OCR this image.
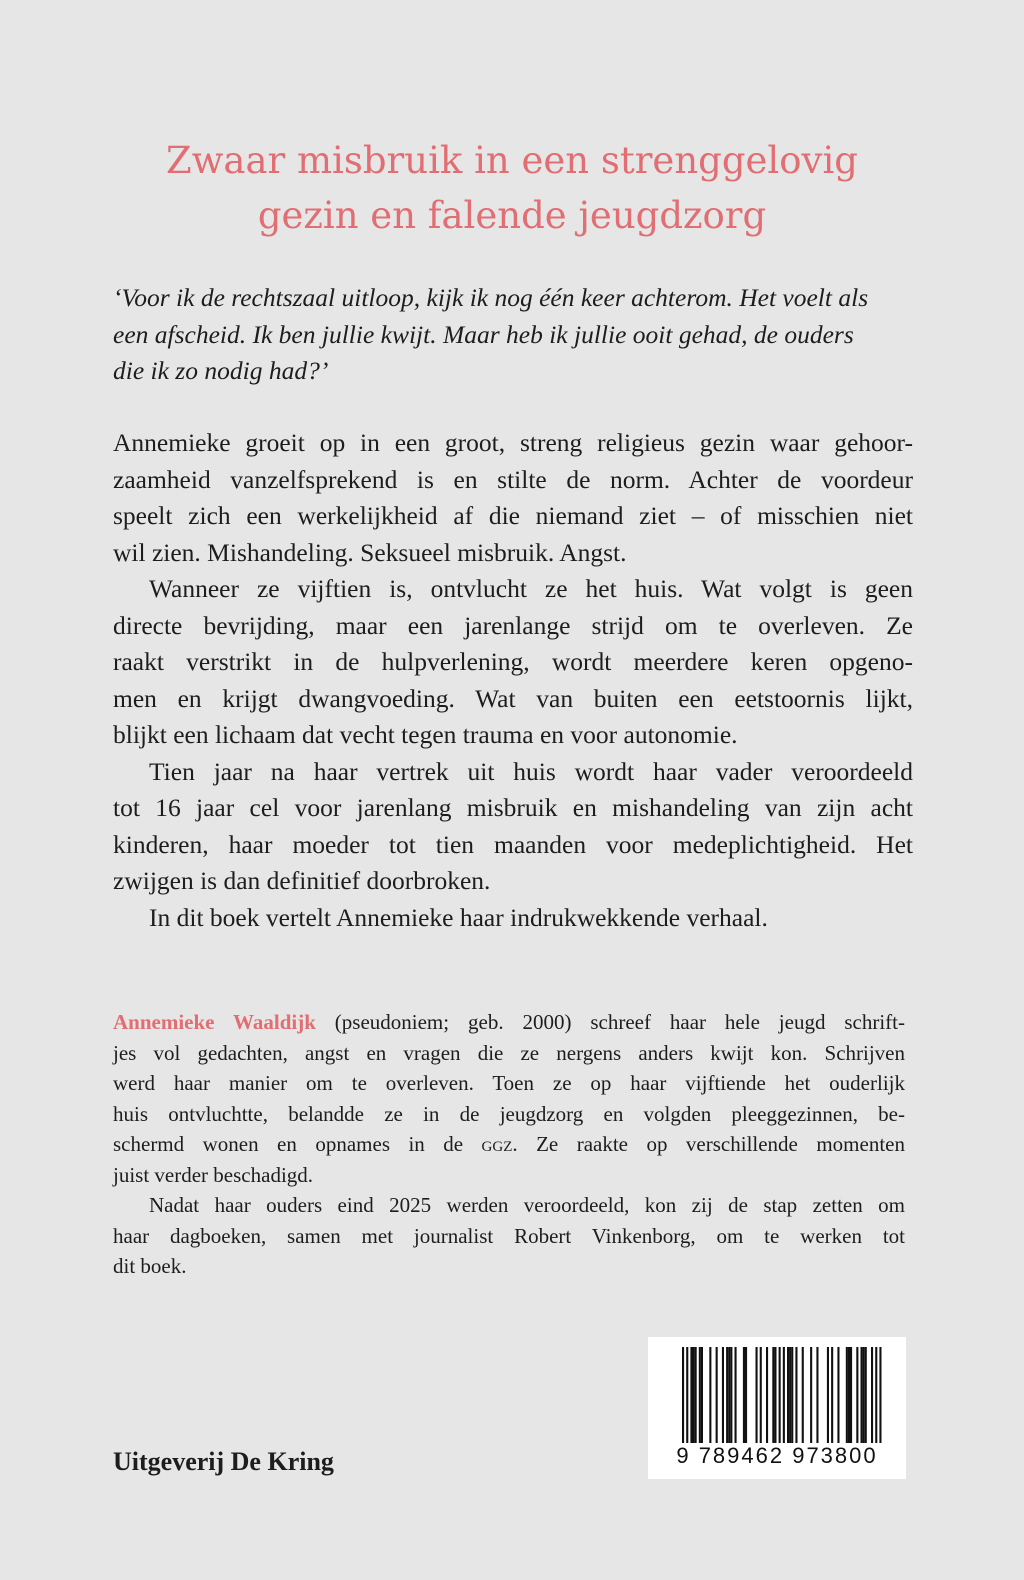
Zwaar misbruik in een strenggelovig
gezin en falende jeugdzorg

‘Voor ik de rechtszaal uitloop, kijk ik nog één keer achterom. Het voelt als
een afscheid. Ik ben jullie kwijt. Maar heb ik jullie ooit gehad, de ouders
die ik zo nodig had?’

Annemieke groeit op in een groot, streng religieus gezin waar gehoor-
zaamheid vanzelfsprekend is en stilte de norm. Achter de voordeur
speelt zich een werkelijkheid af die niemand ziet – of misschien niet
wil zien. Mishandeling. Seksueel misbruik. Angst.
Wanneer ze vijftien is, ontvlucht ze het huis. Wat volgt is geen
directe bevrijding, maar een jarenlange strijd om te overleven. Ze
raakt verstrikt in de hulpverlening, wordt meerdere keren opgeno-
men en krijgt dwangvoeding. Wat van buiten een eetstoornis lijkt,
blijkt een lichaam dat vecht tegen trauma en voor autonomie.
Tien jaar na haar vertrek uit huis wordt haar vader veroordeeld
tot 16 jaar cel voor jarenlang misbruik en mishandeling van zijn acht
kinderen, haar moeder tot tien maanden voor medeplichtigheid. Het
zwijgen is dan definitief doorbroken.
In dit boek vertelt Annemieke haar indrukwekkende verhaal.
Annemieke Waaldijk (pseudoniem; geb. 2000) schreef haar hele jeugd schrift-
jes vol gedachten, angst en vragen die ze nergens anders kwijt kon. Schrijven
werd haar manier om te overleven. Toen ze op haar vijftiende het ouderlijk
huis ontvluchtte, belandde ze in de jeugdzorg en volgden pleeggezinnen, be-
schermd wonen en opnames in de ggz. Ze raakte op verschillende momenten
juist verder beschadigd.
Nadat haar ouders eind 2025 werden veroordeeld, kon zij de stap zetten om
haar dagboeken, samen met journalist Robert Vinkenborg, om te werken tot
dit boek.

Uitgeverij De Kring	9 789462 973800
